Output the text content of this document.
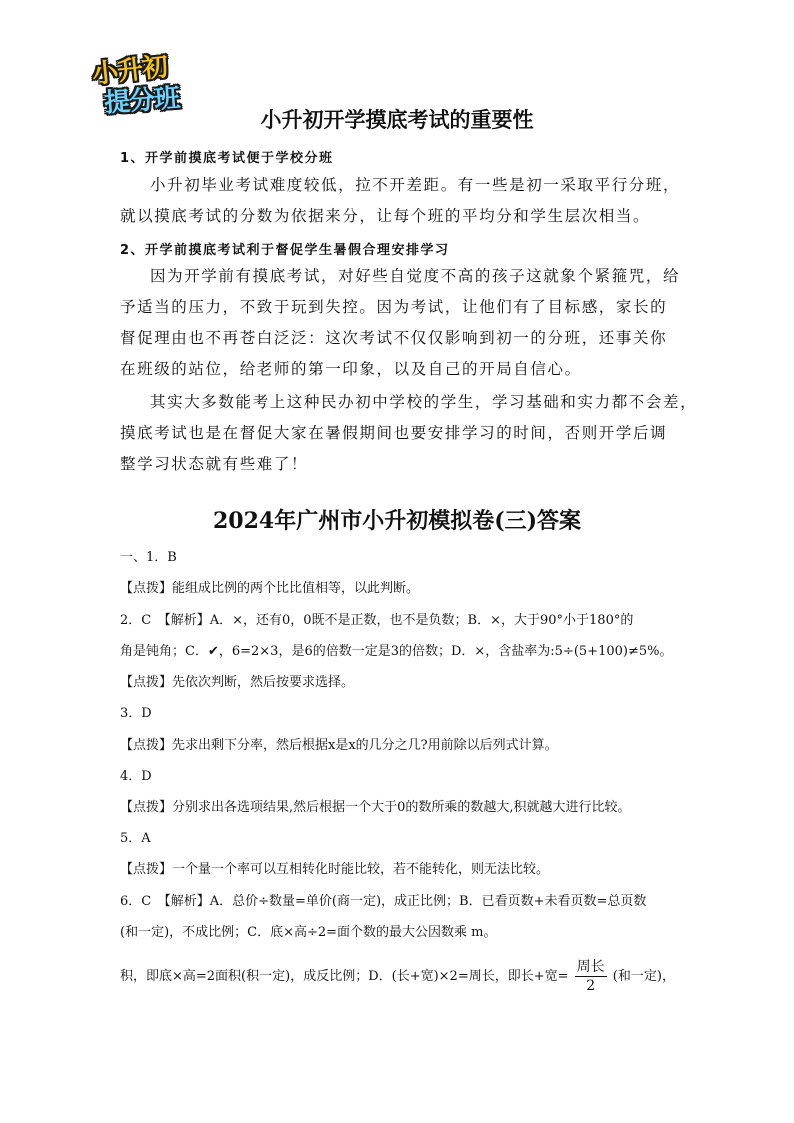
小升初
提分班
小升初开学摸底考试的重要性
1、开学前摸底考试便于学校分班
小升初毕业考试难度较低，拉不开差距。有一些是初一采取平行分班，
就以摸底考试的分数为依据来分，让每个班的平均分和学生层次相当。
2、开学前摸底考试利于督促学生暑假合理安排学习
因为开学前有摸底考试，对好些自觉度不高的孩子这就象个紧箍咒，给
予适当的压力，不致于玩到失控。因为考试，让他们有了目标感，家长的
督促理由也不再苍白泛泛：这次考试不仅仅影响到初一的分班，还事关你
在班级的站位，给老师的第一印象，以及自己的开局自信心。
其实大多数能考上这种民办初中学校的学生，学习基础和实力都不会差，
摸底考试也是在督促大家在暑假期间也要安排学习的时间，否则开学后调
整学习状态就有些难了！
2024年广州市小升初模拟卷(三)答案
一、1．B
【点拨】能组成比例的两个比比值相等，以此判断。
2．C　【解析】A．×，还有0，0既不是正数，也不是负数；B．×，大于90°小于180°的
角是钝角；C．✔，6=2×3，是6的倍数一定是3的倍数；D．×，含盐率为:5÷(5+100)≠5%。
【点拨】先依次判断，然后按要求选择。
3．D
【点拨】先求出剩下分率，然后根据x是x的几分之几?用前除以后列式计算。
4．D
【点拨】分别求出各选项结果,然后根据一个大于0的数所乘的数越大,积就越大进行比较。
5．A
【点拨】一个量一个率可以互相转化时能比较，若不能转化，则无法比较。
6．C　【解析】A．总价÷数量=单价(商一定)，成正比例；B．已看页数+未看页数=总页数
(和一定)，不成比例；C．底×高÷2=面个数的最大公因数乘 m。
积，即底×高=2面积(积一定)，成反比例；D．(长+宽)×2=周长，即长+宽= $\frac{\text{周长}}{2}$ (和一定)，
